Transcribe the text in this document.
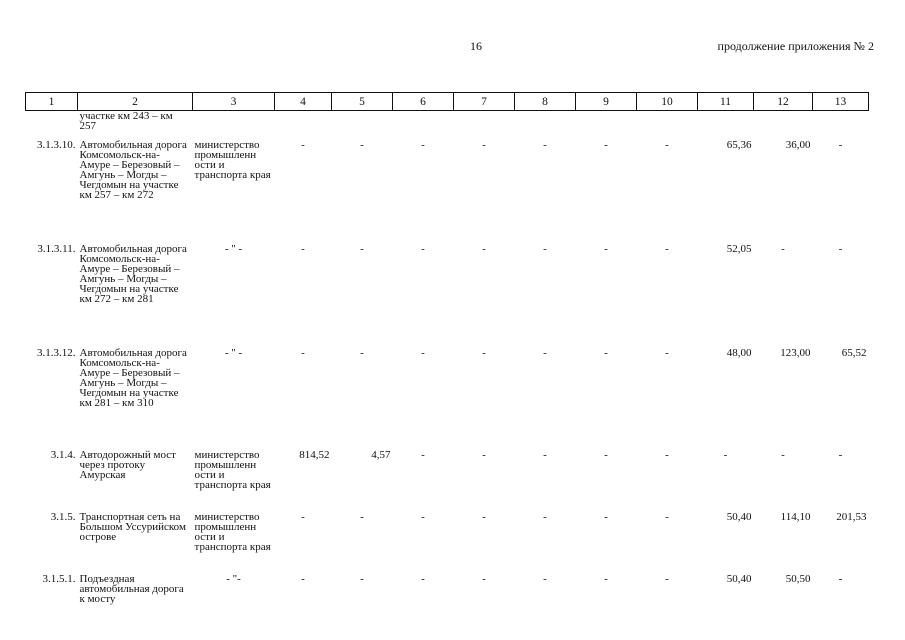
16	продолжение приложения № 2
1	2	3	4	5	6	7	8	9	10	11	12	13
	участке км 243 – км 257											
3.1.3.10.	Автомобильная дорога Комсомольск-на-Амуре – Березовый – Амгунь – Могды – Чегдомын на участке км 257 – км 272	министерство промышленн ости и транспорта края	-	-	-	-	-	-	-	65,36	36,00	-
3.1.3.11.	Автомобильная дорога Комсомольск-на-Амуре – Березовый – Амгунь – Могды – Чегдомын на участке км 272 – км 281	- " -	-	-	-	-	-	-	-	52,05	-	-
3.1.3.12.	Автомобильная дорога Комсомольск-на-Амуре – Березовый – Амгунь – Могды – Чегдомын на участке км 281 – км 310	- " -	-	-	-	-	-	-	-	48,00	123,00	65,52
3.1.4.	Автодорожный мост через протоку Амурская	министерство промышленн ости и транспорта края	814,52	4,57	-	-	-	-	-	-	-	-
3.1.5.	Транспортная сеть на Большом Уссурийском острове	министерство промышленн ости и транспорта края	-	-	-	-	-	-	-	50,40	114,10	201,53
3.1.5.1.	Подъездная автомобильная дорога к мосту	- "-	-	-	-	-	-	-	-	50,40	50,50	-
